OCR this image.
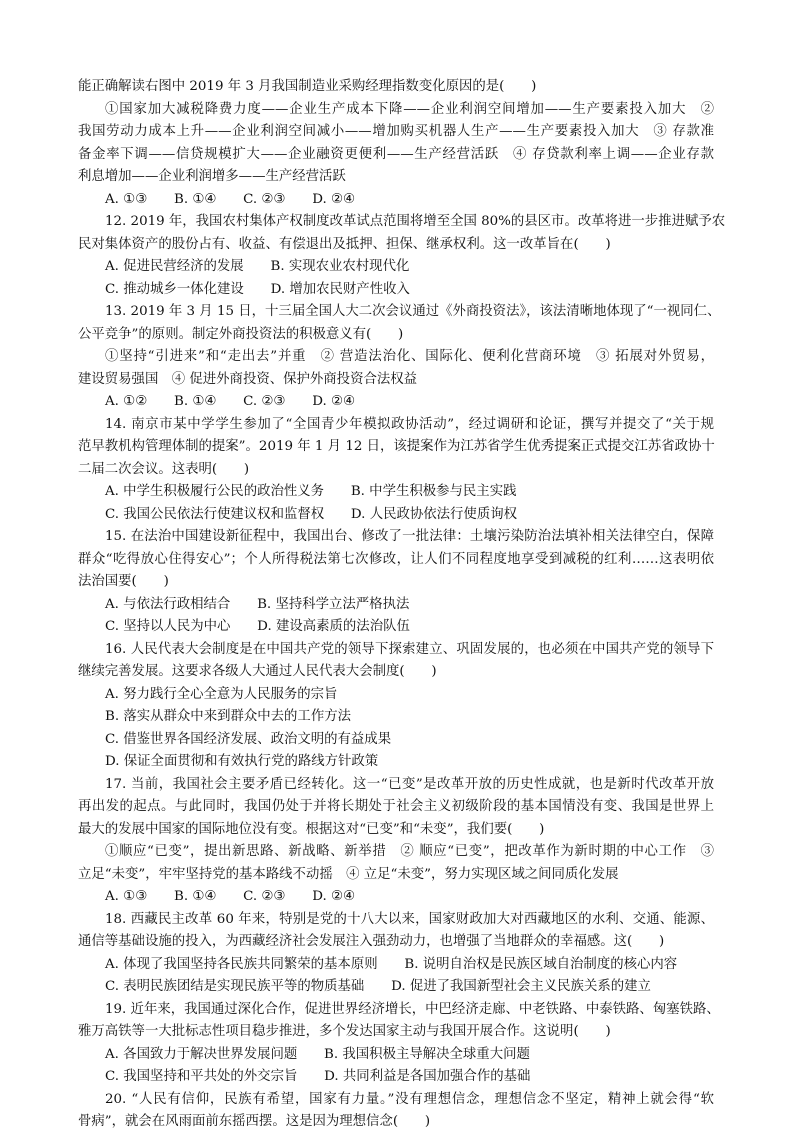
能正确解读右图中 2019 年 3 月我国制造业采购经理指数变化原因的是(　　)
①国家加大减税降费力度——企业生产成本下降——企业利润空间增加——生产要素投入加大　②
我国劳动力成本上升——企业利润空间减小——增加购买机器人生产——生产要素投入加大　③ 存款准
备金率下调——信贷规模扩大——企业融资更便利——生产经营活跃　④ 存贷款利率上调——企业存款
利息增加——企业利润增多——生产经营活跃
A. ①③　　B. ①④　　C. ②③　　D. ②④
12. 2019 年，我国农村集体产权制度改革试点范围将增至全国 80%的县区市。改革将进一步推进赋予农
民对集体资产的股份占有、收益、有偿退出及抵押、担保、继承权利。这一改革旨在(　　)
A. 促进民营经济的发展　　B. 实现农业农村现代化
C. 推动城乡一体化建设　　D. 增加农民财产性收入
13. 2019 年 3 月 15 日，十三届全国人大二次会议通过《外商投资法》，该法清晰地体现了“一视同仁、
公平竞争”的原则。制定外商投资法的积极意义有(　　)
①坚持“引进来”和“走出去”并重　② 营造法治化、国际化、便利化营商环境　③ 拓展对外贸易，
建设贸易强国　④ 促进外商投资、保护外商投资合法权益
A. ①②　　B. ①④　　C. ②③　　D. ②④
14. 南京市某中学学生参加了“全国青少年模拟政协活动”，经过调研和论证，撰写并提交了“关于规
范早教机构管理体制的提案”。2019 年 1 月 12 日，该提案作为江苏省学生优秀提案正式提交江苏省政协十
二届二次会议。这表明(　　)
A. 中学生积极履行公民的政治性义务　　B. 中学生积极参与民主实践
C. 我国公民依法行使建议权和监督权　　D. 人民政协依法行使质询权
15. 在法治中国建设新征程中，我国出台、修改了一批法律：土壤污染防治法填补相关法律空白，保障
群众“吃得放心住得安心”；个人所得税法第七次修改，让人们不同程度地享受到减税的红利……这表明依
法治国要(　　)
A. 与依法行政相结合　　B. 坚持科学立法严格执法
C. 坚持以人民为中心　　D. 建设高素质的法治队伍
16. 人民代表大会制度是在中国共产党的领导下探索建立、巩固发展的，也必须在中国共产党的领导下
继续完善发展。这要求各级人大通过人民代表大会制度(　　)
A. 努力践行全心全意为人民服务的宗旨
B. 落实从群众中来到群众中去的工作方法
C. 借鉴世界各国经济发展、政治文明的有益成果
D. 保证全面贯彻和有效执行党的路线方针政策
17. 当前，我国社会主要矛盾已经转化。这一“已变”是改革开放的历史性成就，也是新时代改革开放
再出发的起点。与此同时，我国仍处于并将长期处于社会主义初级阶段的基本国情没有变、我国是世界上
最大的发展中国家的国际地位没有变。根据这对“已变”和“未变”，我们要(　　)
①顺应“已变”，提出新思路、新战略、新举措　② 顺应“已变”，把改革作为新时期的中心工作　③
立足“未变”，牢牢坚持党的基本路线不动摇　④ 立足“未变”，努力实现区域之间同质化发展
A. ①③　　B. ①④　　C. ②③　　D. ②④
18. 西藏民主改革 60 年来，特别是党的十八大以来，国家财政加大对西藏地区的水利、交通、能源、
通信等基础设施的投入，为西藏经济社会发展注入强劲动力，也增强了当地群众的幸福感。这(　　)
A. 体现了我国坚持各民族共同繁荣的基本原则　　B. 说明自治权是民族区域自治制度的核心内容
C. 表明民族团结是实现民族平等的物质基础　　D. 促进了我国新型社会主义民族关系的建立
19. 近年来，我国通过深化合作，促进世界经济增长，中巴经济走廊、中老铁路、中泰铁路、匈塞铁路、
雅万高铁等一大批标志性项目稳步推进，多个发达国家主动与我国开展合作。这说明(　　)
A. 各国致力于解决世界发展问题　　B. 我国积极主导解决全球重大问题
C. 我国坚持和平共处的外交宗旨　　D. 共同利益是各国加强合作的基础
20. “人民有信仰，民族有希望，国家有力量。”没有理想信念，理想信念不坚定，精神上就会得“软
骨病”，就会在风雨面前东摇西摆。这是因为理想信念(　　)
